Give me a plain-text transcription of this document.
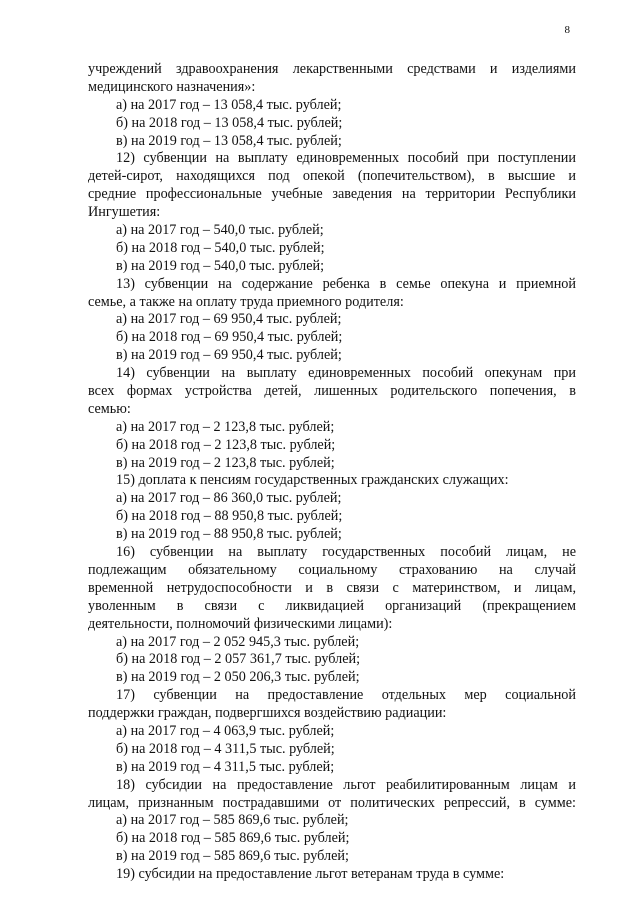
8
учреждений здравоохранения лекарственными средствами и изделиями
медицинского назначения»:
а) на 2017 год – 13 058,4 тыс. рублей;
б) на 2018 год – 13 058,4 тыс. рублей;
в) на 2019 год – 13 058,4 тыс. рублей;
12) субвенции на выплату единовременных пособий при поступлении
детей-сирот, находящихся под опекой (попечительством), в высшие и
средние профессиональные учебные заведения на территории Республики
Ингушетия:
а) на 2017 год – 540,0 тыс. рублей;
б) на 2018 год – 540,0 тыс. рублей;
в) на 2019 год – 540,0 тыс. рублей;
13) субвенции на содержание ребенка в семье опекуна и приемной
семье, а также на оплату труда приемного родителя:
а) на 2017 год – 69 950,4 тыс. рублей;
б) на 2018 год – 69 950,4 тыс. рублей;
в) на 2019 год – 69 950,4 тыс. рублей;
14) субвенции на выплату единовременных пособий опекунам при
всех формах устройства детей, лишенных родительского попечения, в
семью:
а) на 2017 год – 2 123,8 тыс. рублей;
б) на 2018 год – 2 123,8 тыс. рублей;
в) на 2019 год – 2 123,8 тыс. рублей;
15) доплата к пенсиям государственных гражданских служащих:
а) на 2017 год – 86 360,0 тыс. рублей;
б) на 2018 год – 88 950,8 тыс. рублей;
в) на 2019 год – 88 950,8 тыс. рублей;
16) субвенции на выплату государственных пособий лицам, не
подлежащим обязательному социальному страхованию на случай
временной нетрудоспособности и в связи с материнством, и лицам,
уволенным в связи с ликвидацией организаций (прекращением
деятельности, полномочий физическими лицами):
а) на 2017 год – 2 052 945,3 тыс. рублей;
б) на 2018 год – 2 057 361,7 тыс. рублей;
в) на 2019 год – 2 050 206,3 тыс. рублей;
17) субвенции на предоставление отдельных мер социальной
поддержки граждан, подвергшихся воздействию радиации:
а) на 2017 год – 4 063,9 тыс. рублей;
б) на 2018 год – 4 311,5 тыс. рублей;
в) на 2019 год – 4 311,5 тыс. рублей;
18) субсидии на предоставление льгот реабилитированным лицам и
лицам, признанным пострадавшими от политических репрессий, в сумме:
а) на 2017 год – 585 869,6 тыс. рублей;
б) на 2018 год – 585 869,6 тыс. рублей;
в) на 2019 год – 585 869,6 тыс. рублей;
19) субсидии на предоставление льгот ветеранам труда в сумме:
